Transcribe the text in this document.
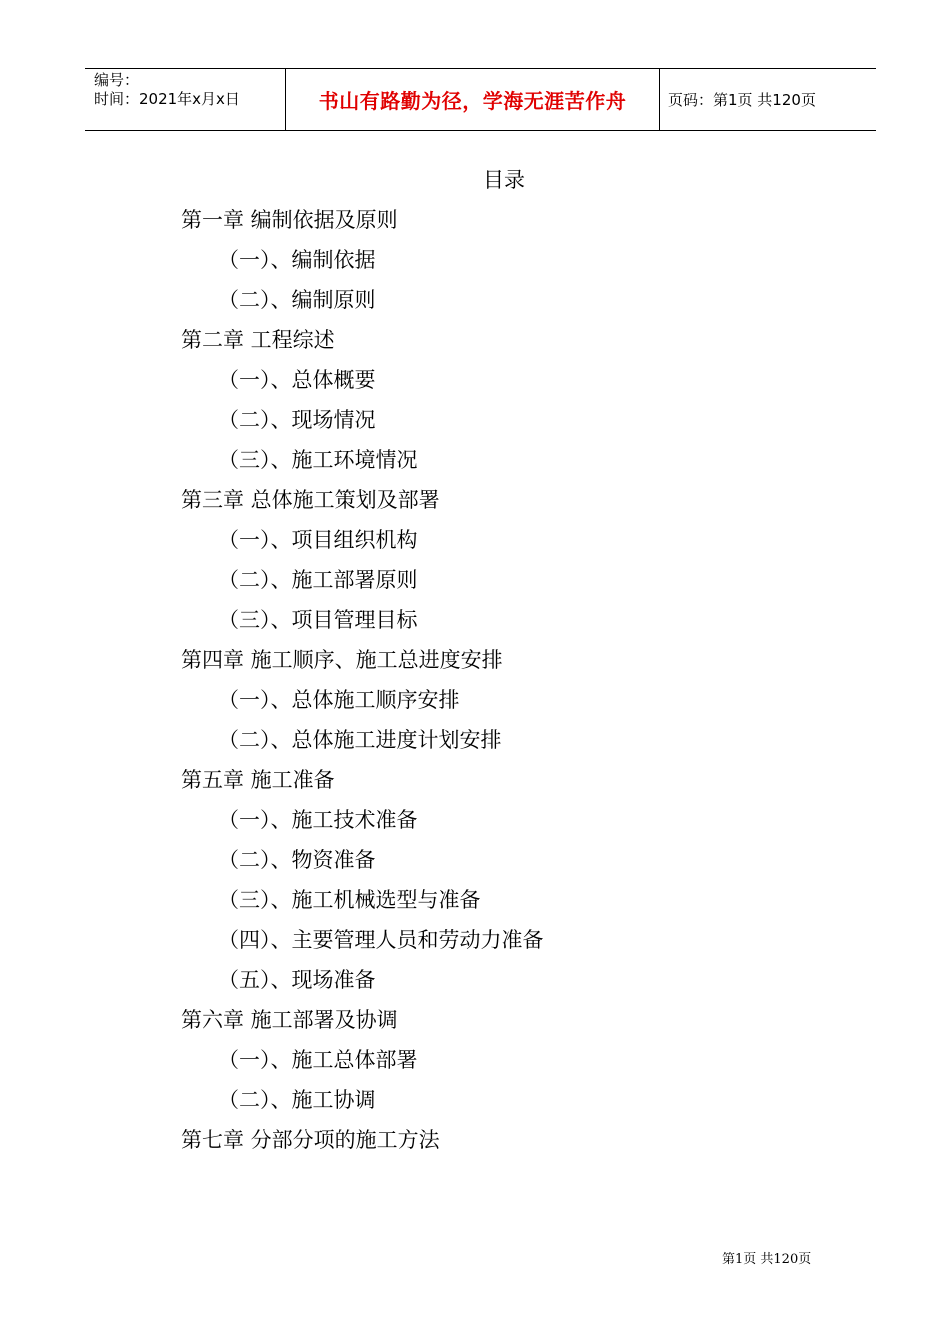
编号：
时间：2021年x月x日	书山有路勤为径，学海无涯苦作舟	页码：第1页 共120页
目录
第一章 编制依据及原则
（一）、编制依据
（二）、编制原则
第二章 工程综述
（一）、总体概要
（二）、现场情况
（三）、施工环境情况
第三章 总体施工策划及部署
（一）、项目组织机构
（二）、施工部署原则
（三）、项目管理目标
第四章 施工顺序、施工总进度安排
（一）、总体施工顺序安排
（二）、总体施工进度计划安排
第五章 施工准备
（一）、施工技术准备
（二）、物资准备
（三）、施工机械选型与准备
（四）、主要管理人员和劳动力准备
（五）、现场准备
第六章 施工部署及协调
（一）、施工总体部署
（二）、施工协调
第七章 分部分项的施工方法
第1页 共120页
